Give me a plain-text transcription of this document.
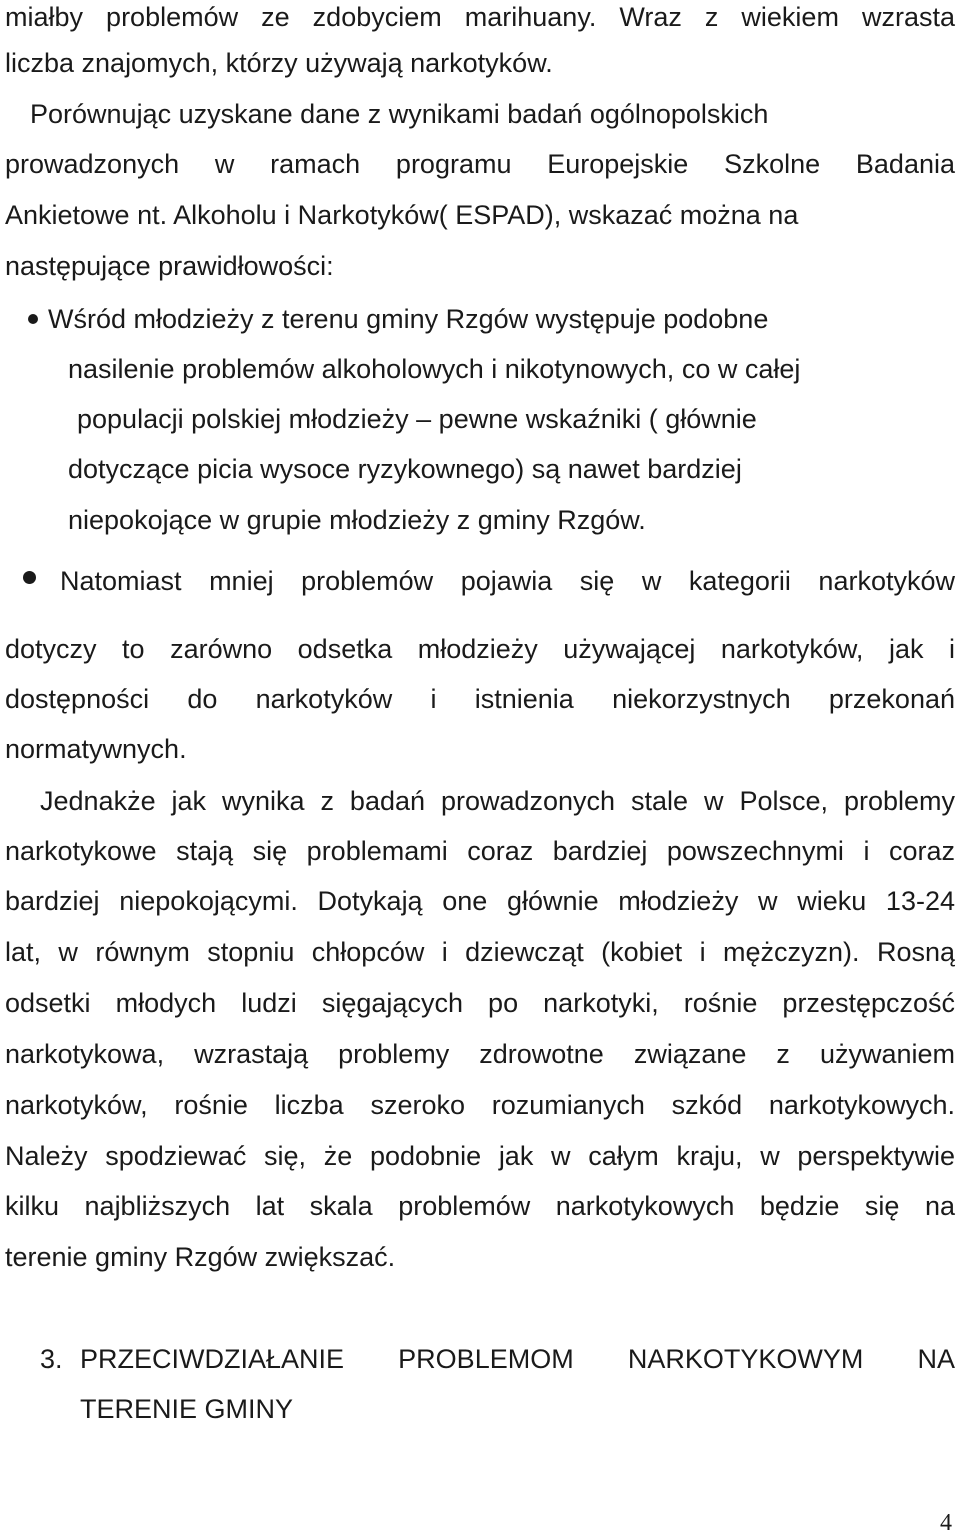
miałby problemów ze zdobyciem marihuany. Wraz z wiekiem wzrasta
liczba znajomych, którzy używają narkotyków.
Porównując uzyskane dane z wynikami badań ogólnopolskich
prowadzonych w ramach programu Europejskie Szkolne Badania
Ankietowe nt. Alkoholu i Narkotyków( ESPAD), wskazać można na
następujące prawidłowości:
Wśród młodzieży z terenu gminy Rzgów występuje podobne
nasilenie problemów alkoholowych i nikotynowych, co w całej
populacji polskiej młodzieży – pewne wskaźniki ( głównie
dotyczące picia wysoce ryzykownego) są nawet bardziej
niepokojące w grupie młodzieży z gminy Rzgów.
Natomiast mniej problemów pojawia się w kategorii narkotyków
dotyczy to zarówno odsetka młodzieży używającej narkotyków, jak i
dostępności do narkotyków i istnienia niekorzystnych przekonań
normatywnych.
Jednakże jak wynika z badań prowadzonych stale w Polsce, problemy
narkotykowe stają się problemami coraz bardziej powszechnymi i coraz
bardziej niepokojącymi. Dotykają one głównie młodzieży w wieku 13-24
lat, w równym stopniu chłopców i dziewcząt (kobiet i mężczyzn). Rosną
odsetki młodych ludzi sięgających po narkotyki, rośnie przestępczość
narkotykowa, wzrastają problemy zdrowotne związane z używaniem
narkotyków, rośnie liczba szeroko rozumianych szkód narkotykowych.
Należy spodziewać się, że podobnie jak w całym kraju, w perspektywie
kilku najbliższych lat skala problemów narkotykowych będzie się na
terenie gminy Rzgów zwiększać.
3. PRZECIWDZIAŁANIE PROBLEMOM NARKOTYKOWYM NA
TERENIE GMINY
4
